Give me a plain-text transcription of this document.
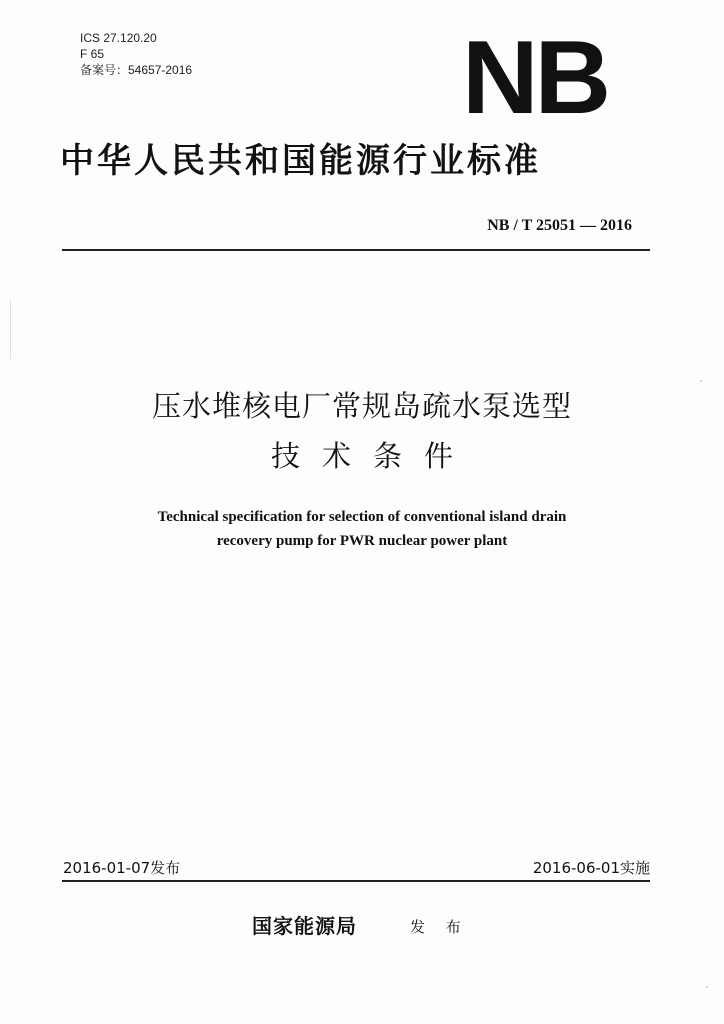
ICS 27.120.20
F 65
备案号：54657-2016	NB
中华人民共和国能源行业标准
NB / T 25051 — 2016
压水堆核电厂常规岛疏水泵选型
技术条件
Technical specification for selection of conventional island drain
recovery pump for PWR nuclear power plant
2016-01-07发布	2016-06-01实施
国家能源局	发 布
